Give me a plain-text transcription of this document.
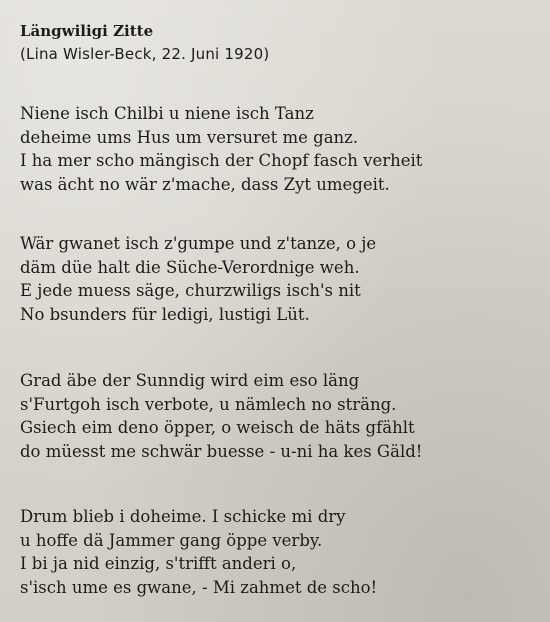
Längwiligi Zitte

(Lina Wisler-Beck, 22. Juni 1920)

Niene isch Chilbi u niene isch Tanz
deheime ums Hus um versuret me ganz.
I ha mer scho mängisch der Chopf fasch verheit
was ächt no wär z'mache, dass Zyt umegeit.
Wär gwanet isch z'gumpe und z'tanze, o je
däm düe halt die Süche-Verordnige weh.
E jede muess säge, churzwiligs isch's nit
No bsunders für ledigi, lustigi Lüt.
Grad äbe der Sunndig wird eim eso läng
s'Furtgoh isch verbote, u nämlech no sträng.
Gsiech eim deno öpper, o weisch de häts gfählt
do müesst me schwär buesse - u-ni ha kes Gäld!
Drum blieb i doheime. I schicke mi dry
u hoffe dä Jammer gang öppe verby.
I bi ja nid einzig, s'trifft anderi o,
s'isch ume es gwane, - Mi zahmet de scho!
